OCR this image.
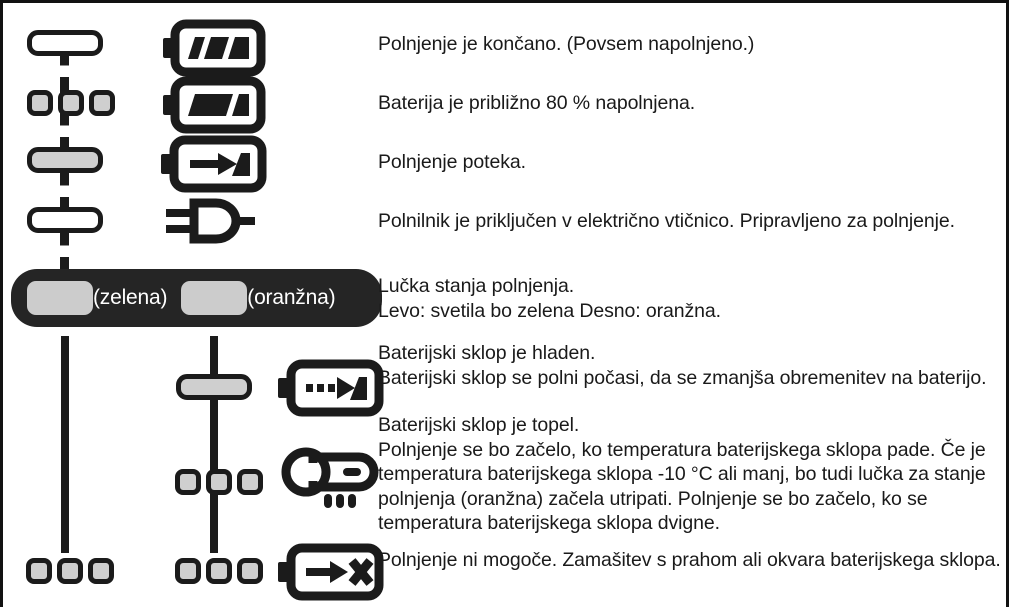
Polnjenje je končano. (Povsem napolnjeno.)

Baterija je približno 80 % napolnjena.

Polnjenje poteka.

Polnilnik je priključen v električno vtičnico. Pripravljeno za polnjenje.

(zelena)	(oranžna) Lučka stanja polnjenja.

Levo: svetila bo zelena Desno: oranžna.

Baterijski sklop je hladen.

Baterijski sklop se polni počasi, da se zmanjša obremenitev na baterijo.

Baterijski sklop je topel.

Polnjenje se bo začelo, ko temperatura baterijskega sklopa pade. Če je temperatura baterijskega sklopa -10 °C ali manj, bo tudi lučka za stanje polnjenja (oranžna) začela utripati. Polnjenje se bo začelo, ko se temperatura baterijskega sklopa dvigne.

Polnjenje ni mogoče. Zamašitev s prahom ali okvara baterijskega sklopa.
